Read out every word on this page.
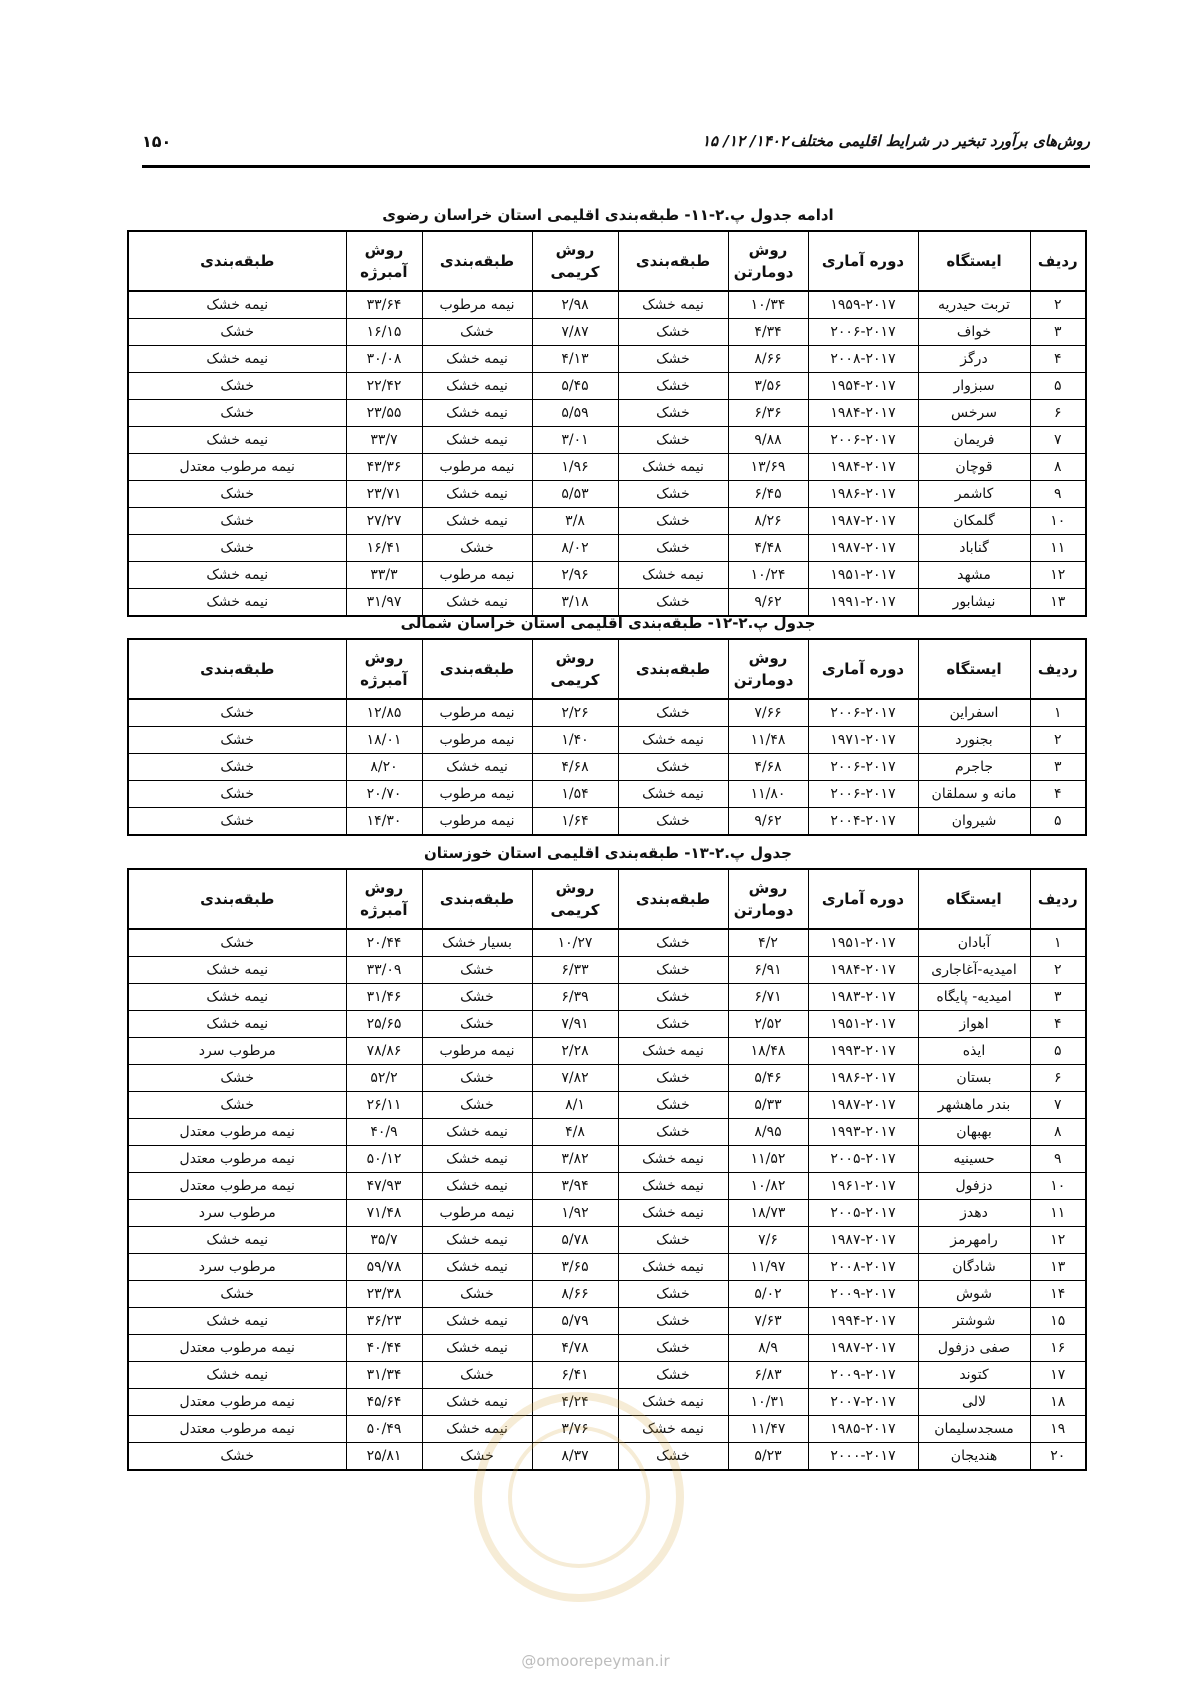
روش‌های برآورد تبخیر در شرایط اقلیمی مختلف
۱۴۰۲/ ۱۲/ ۱۵
۱۵۰
ادامه جدول پ.۲-۱۱- طبقه‌بندی اقلیمی استان خراسان رضوی
ردیف	ایستگاه	دوره آماری	روش دومارتن	طبقه‌بندی	روش کریمی	طبقه‌بندی	روش آمبرژه	طبقه‌بندی
۲	تربت حیدریه	۱۹۵۹-۲۰۱۷	۱۰/۳۴	نیمه خشک	۲/۹۸	نیمه مرطوب	۳۳/۶۴	نیمه خشک
۳	خواف	۲۰۰۶-۲۰۱۷	۴/۳۴	خشک	۷/۸۷	خشک	۱۶/۱۵	خشک
۴	درگز	۲۰۰۸-۲۰۱۷	۸/۶۶	خشک	۴/۱۳	نیمه خشک	۳۰/۰۸	نیمه خشک
۵	سبزوار	۱۹۵۴-۲۰۱۷	۳/۵۶	خشک	۵/۴۵	نیمه خشک	۲۲/۴۲	خشک
۶	سرخس	۱۹۸۴-۲۰۱۷	۶/۳۶	خشک	۵/۵۹	نیمه خشک	۲۳/۵۵	خشک
۷	فریمان	۲۰۰۶-۲۰۱۷	۹/۸۸	خشک	۳/۰۱	نیمه خشک	۳۳/۷	نیمه خشک
۸	قوچان	۱۹۸۴-۲۰۱۷	۱۳/۶۹	نیمه خشک	۱/۹۶	نیمه مرطوب	۴۳/۳۶	نیمه مرطوب معتدل
۹	کاشمر	۱۹۸۶-۲۰۱۷	۶/۴۵	خشک	۵/۵۳	نیمه خشک	۲۳/۷۱	خشک
۱۰	گلمکان	۱۹۸۷-۲۰۱۷	۸/۲۶	خشک	۳/۸	نیمه خشک	۲۷/۲۷	خشک
۱۱	گناباد	۱۹۸۷-۲۰۱۷	۴/۴۸	خشک	۸/۰۲	خشک	۱۶/۴۱	خشک
۱۲	مشهد	۱۹۵۱-۲۰۱۷	۱۰/۲۴	نیمه خشک	۲/۹۶	نیمه مرطوب	۳۳/۳	نیمه خشک
۱۳	نیشابور	۱۹۹۱-۲۰۱۷	۹/۶۲	خشک	۳/۱۸	نیمه خشک	۳۱/۹۷	نیمه خشک
جدول پ.۲-۱۲- طبقه‌بندی اقلیمی استان خراسان شمالی
ردیف	ایستگاه	دوره آماری	روش دومارتن	طبقه‌بندی	روش کریمی	طبقه‌بندی	روش آمبرژه	طبقه‌بندی
۱	اسفراین	۲۰۰۶-۲۰۱۷	۷/۶۶	خشک	۲/۲۶	نیمه مرطوب	۱۲/۸۵	خشک
۲	بجنورد	۱۹۷۱-۲۰۱۷	۱۱/۴۸	نیمه خشک	۱/۴۰	نیمه مرطوب	۱۸/۰۱	خشک
۳	جاجرم	۲۰۰۶-۲۰۱۷	۴/۶۸	خشک	۴/۶۸	نیمه خشک	۸/۲۰	خشک
۴	مانه و سملقان	۲۰۰۶-۲۰۱۷	۱۱/۸۰	نیمه خشک	۱/۵۴	نیمه مرطوب	۲۰/۷۰	خشک
۵	شیروان	۲۰۰۴-۲۰۱۷	۹/۶۲	خشک	۱/۶۴	نیمه مرطوب	۱۴/۳۰	خشک
جدول پ.۲-۱۳- طبقه‌بندی اقلیمی استان خوزستان
ردیف	ایستگاه	دوره آماری	روش دومارتن	طبقه‌بندی	روش کریمی	طبقه‌بندی	روش آمبرژه	طبقه‌بندی
۱	آبادان	۱۹۵۱-۲۰۱۷	۴/۲	خشک	۱۰/۲۷	بسیار خشک	۲۰/۴۴	خشک
۲	امیدیه-آغاجاری	۱۹۸۴-۲۰۱۷	۶/۹۱	خشک	۶/۳۳	خشک	۳۳/۰۹	نیمه خشک
۳	امیدیه- پایگاه	۱۹۸۳-۲۰۱۷	۶/۷۱	خشک	۶/۳۹	خشک	۳۱/۴۶	نیمه خشک
۴	اهواز	۱۹۵۱-۲۰۱۷	۲/۵۲	خشک	۷/۹۱	خشک	۲۵/۶۵	نیمه خشک
۵	ایذه	۱۹۹۳-۲۰۱۷	۱۸/۴۸	نیمه خشک	۲/۲۸	نیمه مرطوب	۷۸/۸۶	مرطوب سرد
۶	بستان	۱۹۸۶-۲۰۱۷	۵/۴۶	خشک	۷/۸۲	خشک	۵۲/۲	خشک
۷	بندر ماهشهر	۱۹۸۷-۲۰۱۷	۵/۳۳	خشک	۸/۱	خشک	۲۶/۱۱	خشک
۸	بهبهان	۱۹۹۳-۲۰۱۷	۸/۹۵	خشک	۴/۸	نیمه خشک	۴۰/۹	نیمه مرطوب معتدل
۹	حسینیه	۲۰۰۵-۲۰۱۷	۱۱/۵۲	نیمه خشک	۳/۸۲	نیمه خشک	۵۰/۱۲	نیمه مرطوب معتدل
۱۰	دزفول	۱۹۶۱-۲۰۱۷	۱۰/۸۲	نیمه خشک	۳/۹۴	نیمه خشک	۴۷/۹۳	نیمه مرطوب معتدل
۱۱	دهدز	۲۰۰۵-۲۰۱۷	۱۸/۷۳	نیمه خشک	۱/۹۲	نیمه مرطوب	۷۱/۴۸	مرطوب سرد
۱۲	رامهرمز	۱۹۸۷-۲۰۱۷	۷/۶	خشک	۵/۷۸	نیمه خشک	۳۵/۷	نیمه خشک
۱۳	شادگان	۲۰۰۸-۲۰۱۷	۱۱/۹۷	نیمه خشک	۳/۶۵	نیمه خشک	۵۹/۷۸	مرطوب سرد
۱۴	شوش	۲۰۰۹-۲۰۱۷	۵/۰۲	خشک	۸/۶۶	خشک	۲۳/۳۸	خشک
۱۵	شوشتر	۱۹۹۴-۲۰۱۷	۷/۶۳	خشک	۵/۷۹	نیمه خشک	۳۶/۲۳	نیمه خشک
۱۶	صفی دزفول	۱۹۸۷-۲۰۱۷	۸/۹	خشک	۴/۷۸	نیمه خشک	۴۰/۴۴	نیمه مرطوب معتدل
۱۷	کتوند	۲۰۰۹-۲۰۱۷	۶/۸۳	خشک	۶/۴۱	خشک	۳۱/۳۴	نیمه خشک
۱۸	لالی	۲۰۰۷-۲۰۱۷	۱۰/۳۱	نیمه خشک	۴/۲۴	نیمه خشک	۴۵/۶۴	نیمه مرطوب معتدل
۱۹	مسجدسلیمان	۱۹۸۵-۲۰۱۷	۱۱/۴۷	نیمه خشک	۳/۷۶	نیمه خشک	۵۰/۴۹	نیمه مرطوب معتدل
۲۰	هندیجان	۲۰۰۰-۲۰۱۷	۵/۲۳	خشک	۸/۳۷	خشک	۲۵/۸۱	خشک
@omoorepeyman.ir
